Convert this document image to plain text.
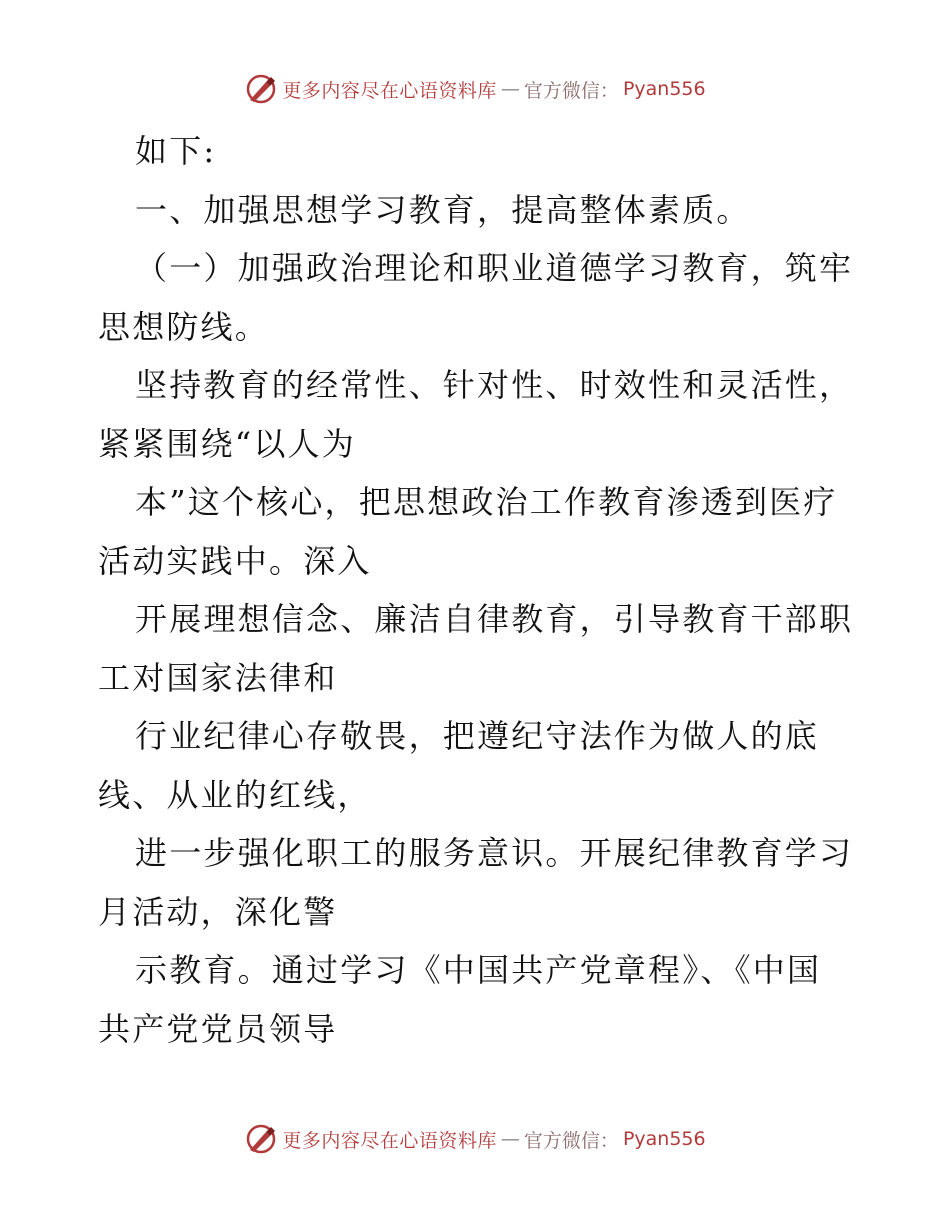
更多内容尽在心语资料库 — 官方微信： Pyan556
如下:
一、加强思想学习教育，提高整体素质。
（一）加强政治理论和职业道德学习教育，筑牢
思想防线。
坚持教育的经常性、针对性、时效性和灵活性，
紧紧围绕“以人为
本”这个核心，把思想政治工作教育渗透到医疗
活动实践中。深入
开展理想信念、廉洁自律教育，引导教育干部职
工对国家法律和
行业纪律心存敬畏，把遵纪守法作为做人的底
线、从业的红线，
进一步强化职工的服务意识。开展纪律教育学习
月活动，深化警
示教育。通过学习《中国共产党章程》、《中国
共产党党员领导
更多内容尽在心语资料库 — 官方微信： Pyan556
